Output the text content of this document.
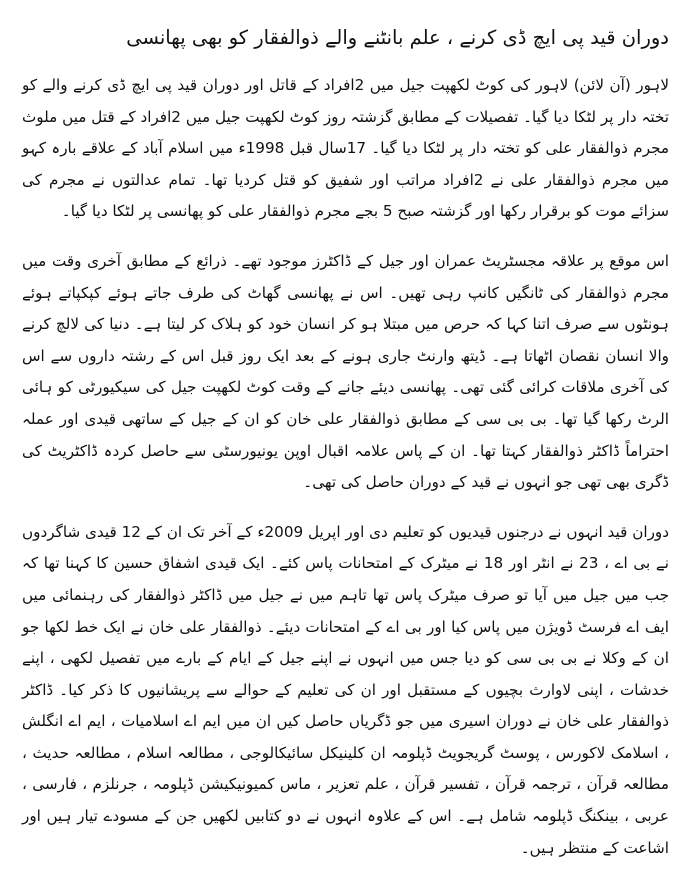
دوران قید پی ایچ ڈی کرنے ، علم بانٹنے والے ذوالفقار کو بھی پھانسی

لاہور (آن لائن) لاہور کی کوٹ لکھپت جیل میں 2افراد کے قاتل اور دوران قید پی ایچ ڈی کرنے والے کو تختہ دار پر لٹکا دیا گیا۔ تفصیلات کے مطابق گزشتہ روز کوٹ لکھپت جیل میں 2افراد کے قتل میں ملوث مجرم ذوالفقار علی کو تختہ دار پر لٹکا دیا گیا۔ 17سال قبل 1998ء میں اسلام آباد کے علاقے بارہ کہو میں مجرم ذوالفقار علی نے 2افراد مراتب اور شفیق کو قتل کردیا تھا۔ تمام عدالتوں نے مجرم کی سزائے موت کو برقرار رکھا اور گزشتہ صبح 5 بجے مجرم ذوالفقار علی کو پھانسی پر لٹکا دیا گیا۔

اس موقع پر علاقہ مجسٹریٹ عمران اور جیل کے ڈاکٹرز موجود تھے۔ ذرائع کے مطابق آخری وقت میں مجرم ذوالفقار کی ٹانگیں کانپ رہی تھیں۔ اس نے پھانسی گھاٹ کی طرف جاتے ہوئے کپکپاتے ہوئے ہونٹوں سے صرف اتنا کہا کہ حرص میں مبتلا ہو کر انسان خود کو ہلاک کر لیتا ہے۔ دنیا کی لالچ کرنے والا انسان نقصان اٹھاتا ہے۔ ڈیتھ وارنٹ جاری ہونے کے بعد ایک روز قبل اس کے رشتہ داروں سے اس کی آخری ملاقات کرائی گئی تھی۔ پھانسی دیئے جانے کے وقت کوٹ لکھپت جیل کی سیکیورٹی کو ہائی الرٹ رکھا گیا تھا۔ بی بی سی کے مطابق ذوالفقار علی خان کو ان کے جیل کے ساتھی قیدی اور عملہ احتراماً ڈاکٹر ذوالفقار کہتا تھا۔ ان کے پاس علامہ اقبال اوپن یونیورسٹی سے حاصل کردہ ڈاکٹریٹ کی ڈگری بھی تھی جو انہوں نے قید کے دوران حاصل کی تھی۔

دوران قید انہوں نے درجنوں قیدیوں کو تعلیم دی اور اپریل 2009ء کے آخر تک ان کے 12 قیدی شاگردوں نے بی اے ، 23 نے انٹر اور 18 نے میٹرک کے امتحانات پاس کئے۔ ایک قیدی اشفاق حسین کا کہنا تھا کہ جب میں جیل میں آیا تو صرف میٹرک پاس تھا تاہم میں نے جیل میں ڈاکٹر ذوالفقار کی رہنمائی میں ایف اے فرسٹ ڈویژن میں پاس کیا اور بی اے کے امتحانات دیئے۔ ذوالفقار علی خان نے ایک خط لکھا جو ان کے وکلا نے بی بی سی کو دیا جس میں انہوں نے اپنے جیل کے ایام کے بارے میں تفصیل لکھی ، اپنے خدشات ، اپنی لاوارث بچیوں کے مستقبل اور ان کی تعلیم کے حوالے سے پریشانیوں کا ذکر کیا۔ ڈاکٹر ذوالفقار علی خان نے دوران اسیری میں جو ڈگریاں حاصل کیں ان میں ایم اے اسلامیات ، ایم اے انگلش ، اسلامک لاکورس ، پوسٹ گریجویٹ ڈپلومہ ان کلینیکل سائیکالوجی ، مطالعہ اسلام ، مطالعہ حدیث ، مطالعہ قرآن ، ترجمہ قرآن ، تفسیر قرآن ، علم تعزیر ، ماس کمیونیکیشن ڈپلومہ ، جرنلزم ، فارسی ، عربی ، بینکنگ ڈپلومہ شامل ہے۔ اس کے علاوہ انہوں نے دو کتابیں لکھیں جن کے مسودے تیار ہیں اور اشاعت کے منتظر ہیں۔
